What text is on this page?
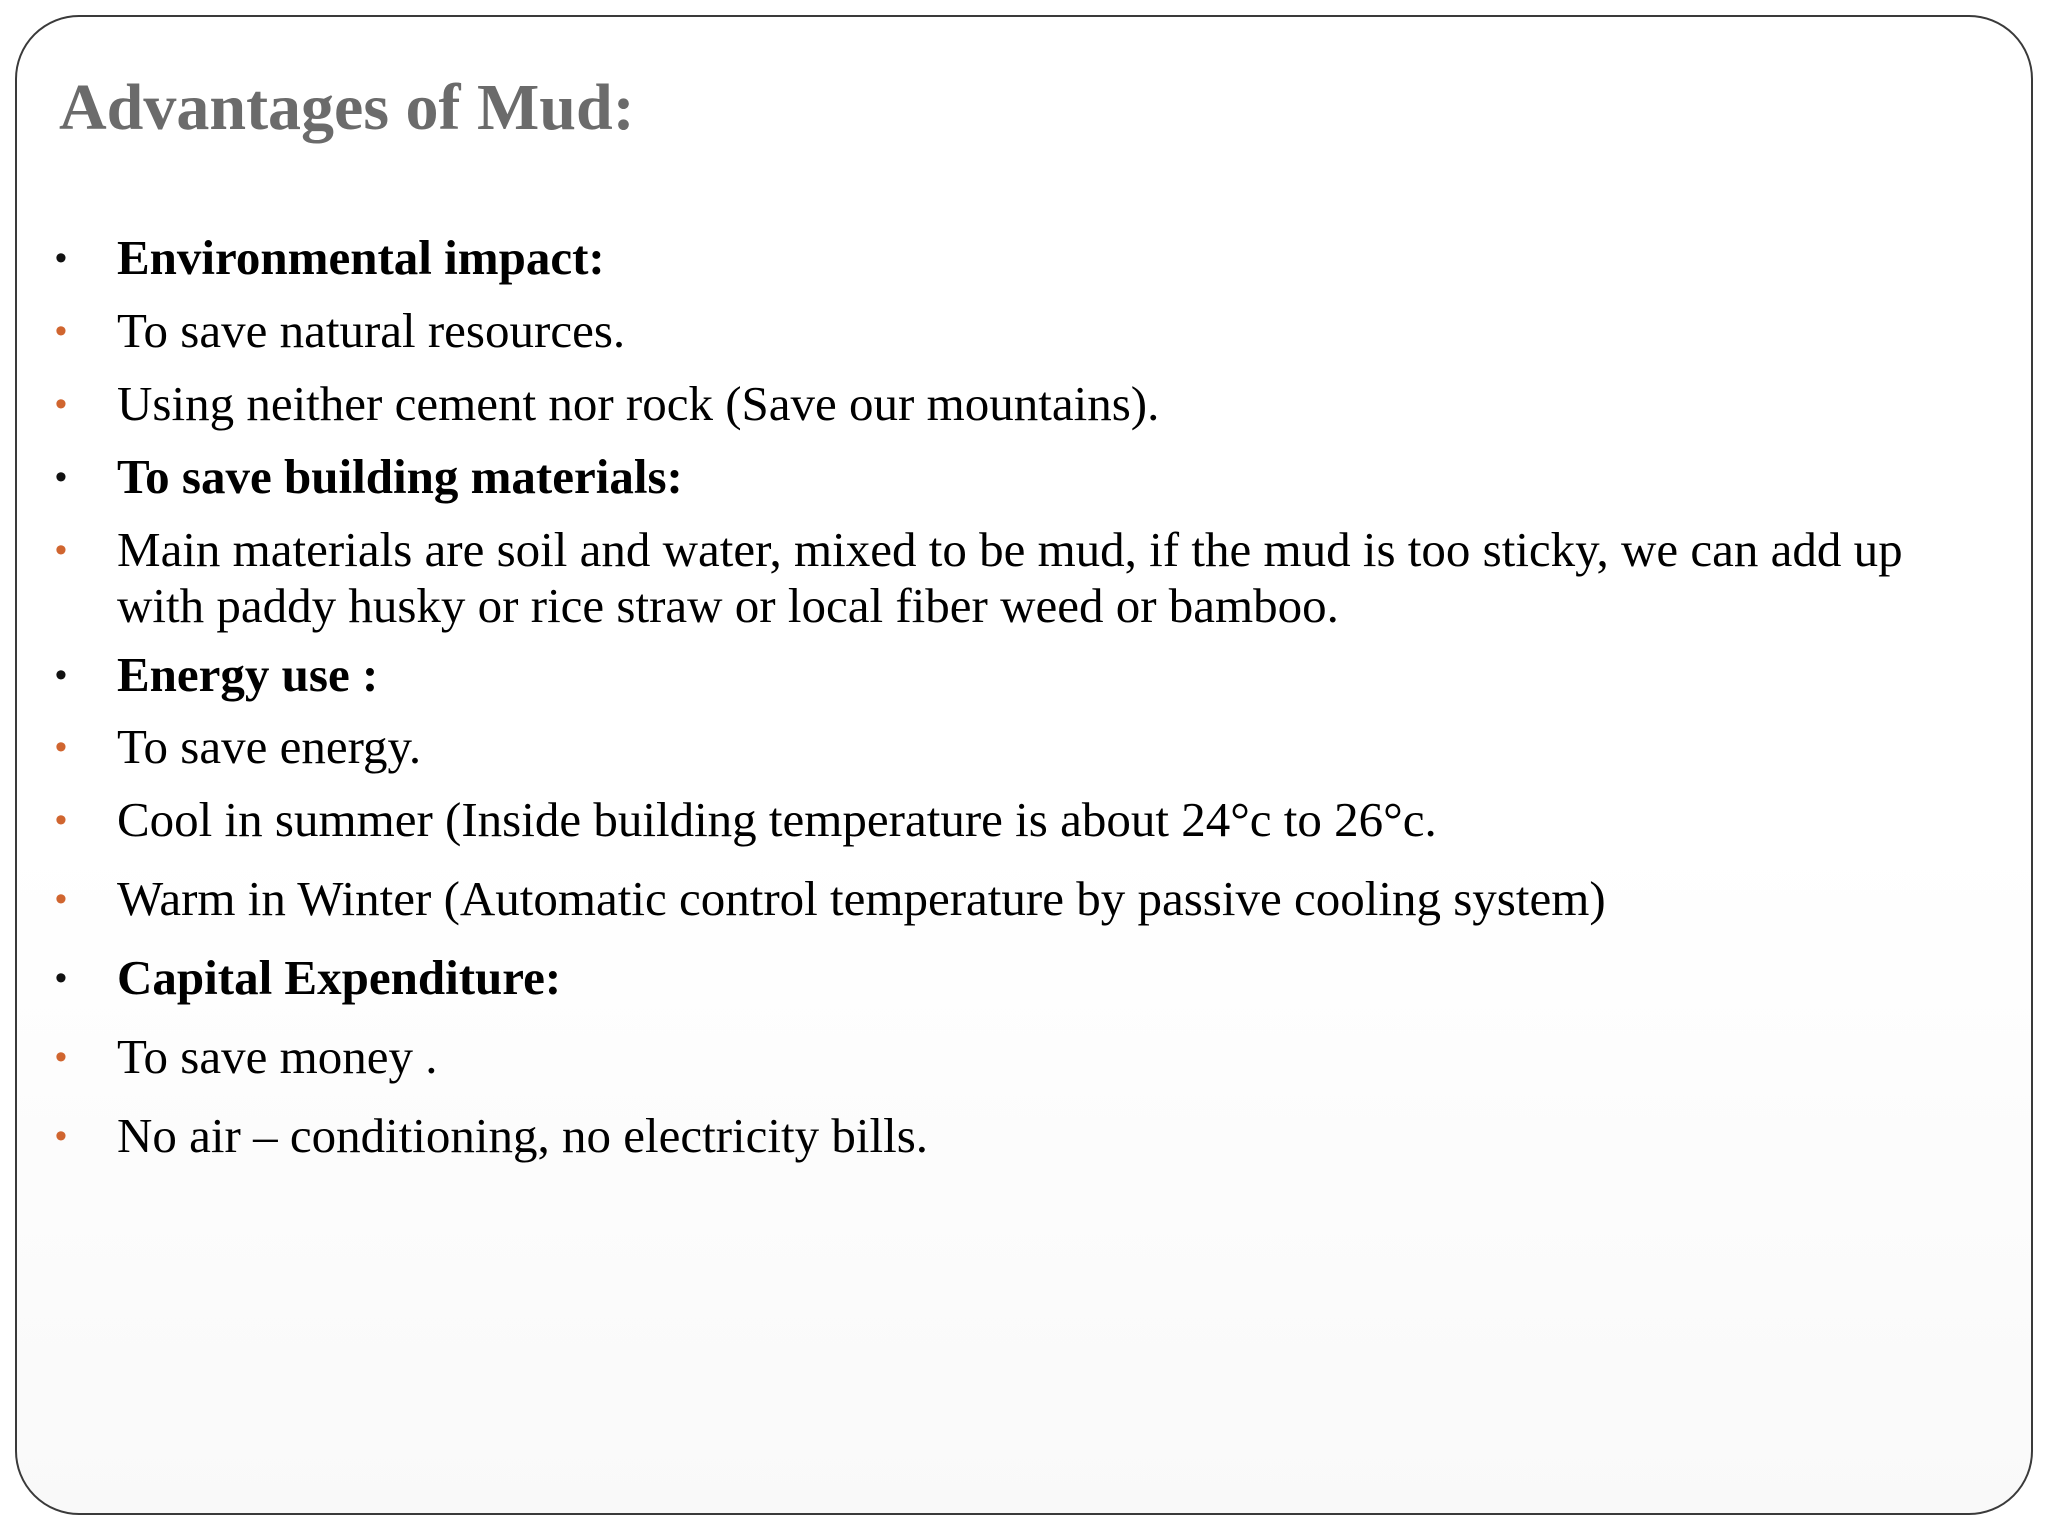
Advantages of Mud:
• Environmental impact:
• To save natural resources.
• Using neither cement nor rock (Save our mountains).
• To save building materials:
• Main materials are soil and water, mixed to be mud, if the mud is too sticky, we can add up with paddy husky or rice straw or local fiber weed or bamboo.
• Energy use :
• To save energy.
• Cool in summer (Inside building temperature is about 24°c to 26°c.
• Warm in Winter (Automatic control temperature by passive cooling system)
• Capital Expenditure:
• To save money .
• No air – conditioning, no electricity bills.
